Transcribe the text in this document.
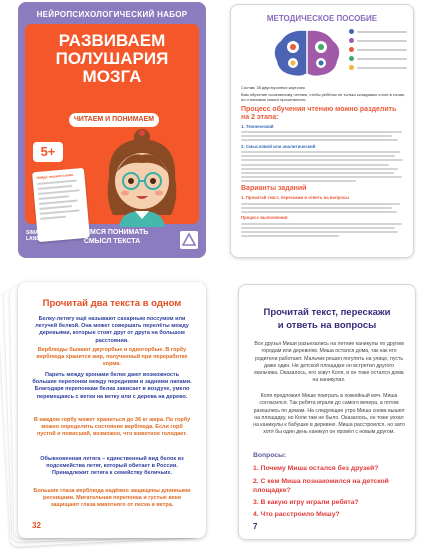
НЕЙРОПСИХОЛОГИЧЕСКИЙ НАБОР
РАЗВИВАЕМ
ПОЛУШАРИЯ
МОЗГА
ЧИТАЕМ И ПОНИМАЕМ
5+
Найди лишнее слово
SIMA LAND
УЧИМСЯ ПОНИМАТЬ
СМЫСЛ ТЕКСТА
МЕТОДИЧЕСКОЕ ПОСОБИЕ
Состав: 35 двусторонних карточек.
Вам обучение осознанному чтению, чтобы ребёнок не только складывал слоги в слова, но и понимал смысл прочитанного.
Процесс обучения чтению можно разделить на 2 этапа:
1. Технический
2. Смысловой или аналитический
Варианты заданий
1. Прочитай текст, перескажи и ответь на вопросы
Процесс выполнения:
Прочитай два текста в одном
Белку-летягу ещё называют сахарным поссумом или летучей белкой. Она может совершать перелёты между деревьями, которые стоят друг от друга на большом расстоянии.
Верблюды бывают двугорбые и одногорбые. В горбу верблюда хранится жир, полученный при переработке корма.
Парить между кронами белке дают возможность большие перепонки между передними и задними лапами. Благодаря перепонкам белка зависает в воздухе, умело перемещаясь с ветки на ветку или с дерева на дерево.
В каждом горбу может храниться до 36 кг жира. По горбу можно определить состояние верблюда. Если горб пустой и повисший, возможно, что животное голодает.
Обыкновенная летяга – единственный вид белок из подсемейства летяг, который обитает в России. Принадлежит летяга к семейству беличьих.
Большие глаза верблюда надёжно защищены длинными ресницами. Мигательная перепонка и густые веки защищают глаза животного от песка и ветра.
32
Прочитай текст, перескажи
и ответь на вопросы
Все друзья Миши разъехались на летние каникулы по другим городам или деревням. Миша остался дома, так как его родители работают. Мальчик решил погулять на улице, пусть даже один. Не детской площадке он встретил другого мальчика. Оказалось, его зовут Коля, и он тоже остался дома на каникулах.
Коля предложил Мише поиграть в хоккейный мяч. Миша согласился. Так ребята играли до самого вечера, а потом разошлись по домам. На следующее утро Миша снова вышел на площадку, но Коли там не было. Оказалось, он тоже уехал на каникулы к бабушке в деревню. Миша расстроился, но зато хотя бы один день каникул он провёл с новым другом.
Вопросы:
1. Почему Миша остался без друзей?
2. С кем Миша познакомился на детской площадке?
3. В какую игру играли ребята?
4. Что расстроило Мишу?
7
